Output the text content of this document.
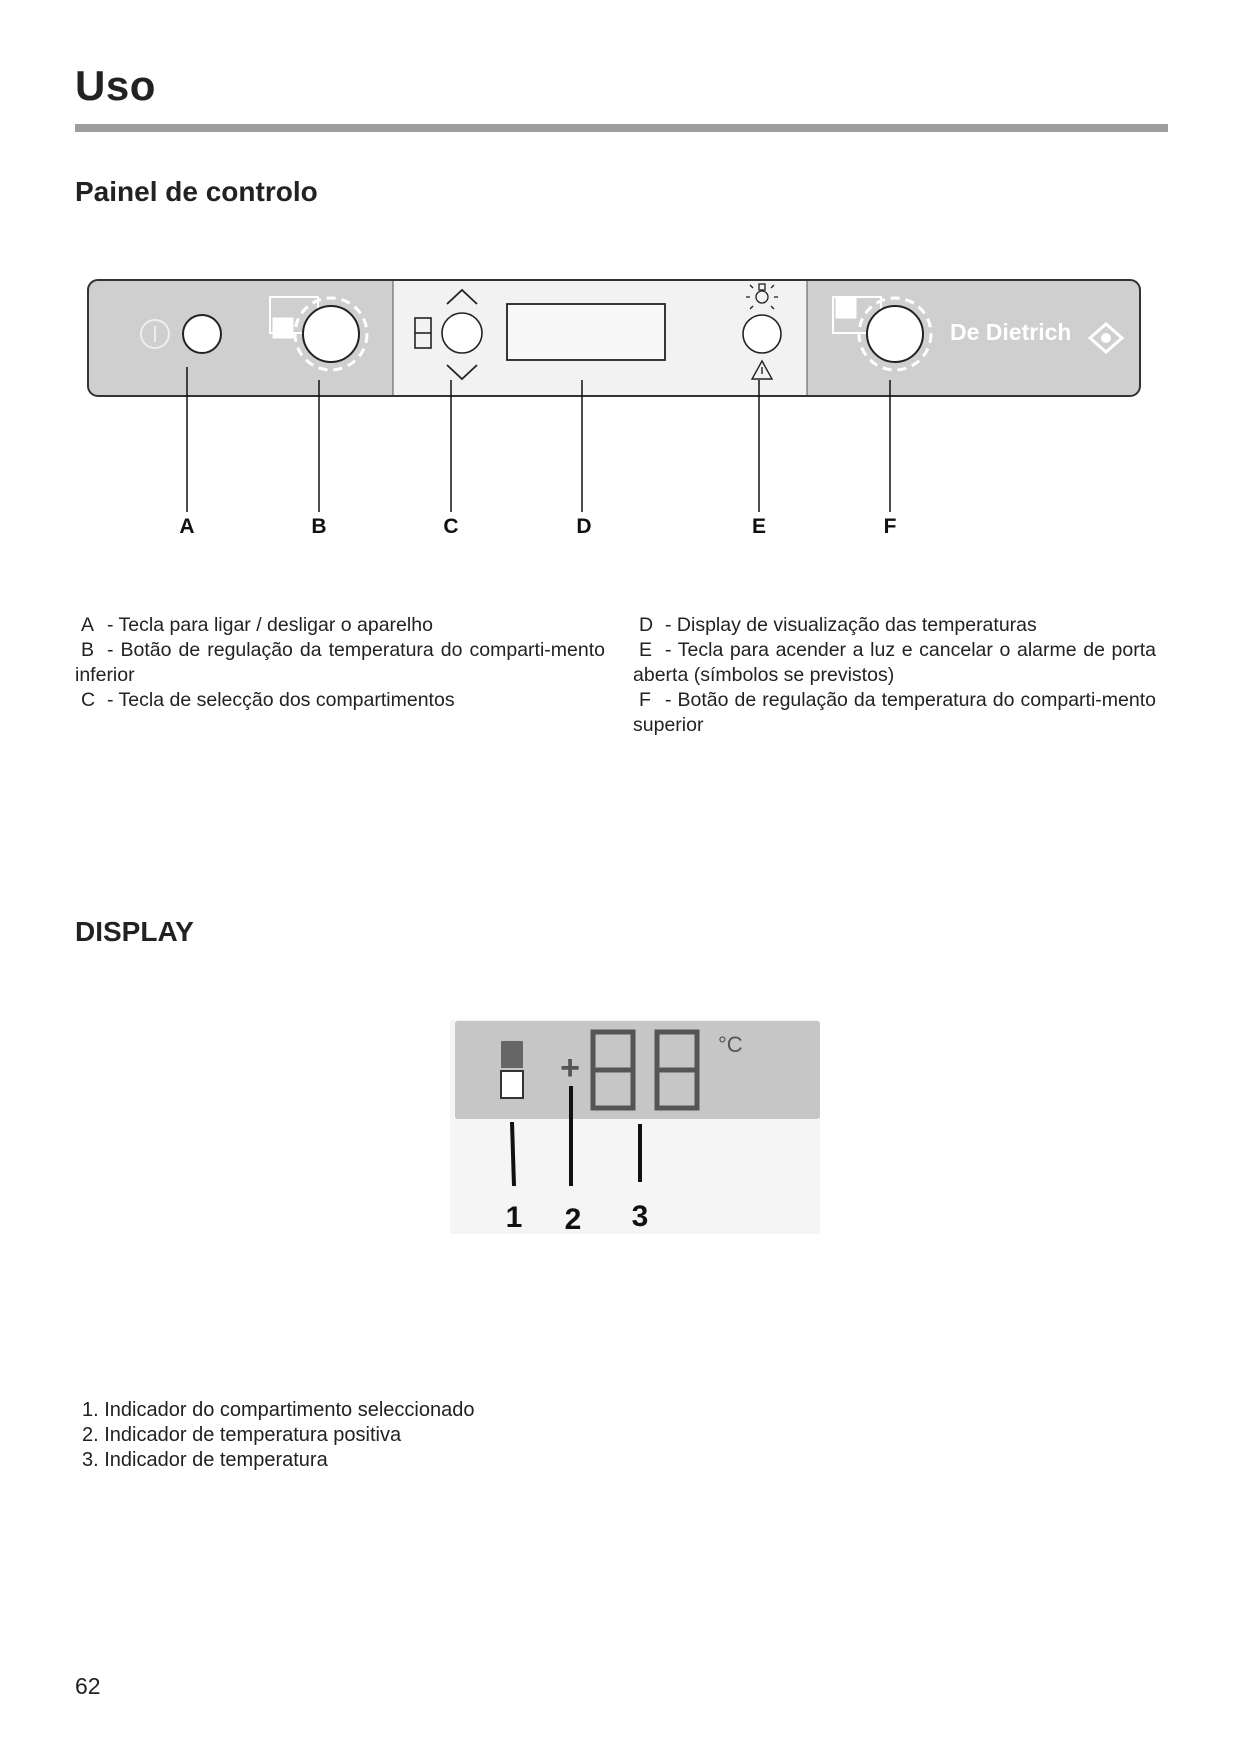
Uso
Painel de controlo
De Dietrich
A	B	C	D	E	F

A - Tecla para ligar / desligar o aparelho

B - Botão de regulação da temperatura do comparti-mento inferior

C - Tecla de selecção dos compartimentos

D - Display de visualização das temperaturas

E - Tecla para acender a luz e cancelar o alarme de porta aberta (símbolos se previstos)

F - Botão de regulação da temperatura do comparti-mento superior

DISPLAY
+
°C
1 2 3
1. Indicador do compartimento seleccionado
2. Indicador de temperatura positiva
3. Indicador de temperatura
62
